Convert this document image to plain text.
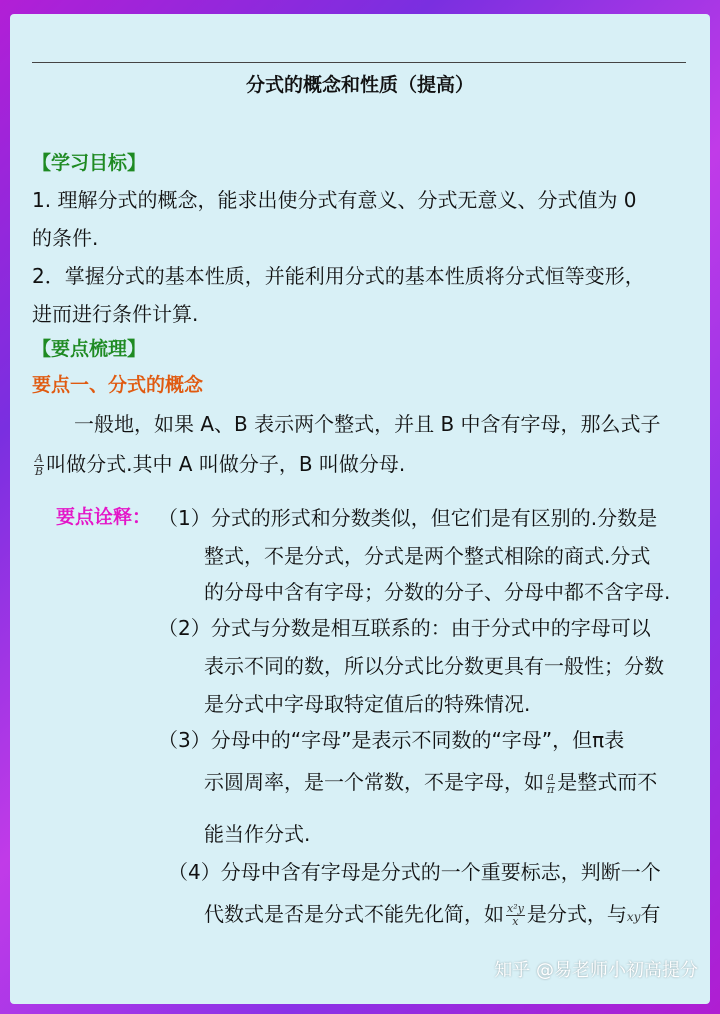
分式的概念和性质（提高）
【学习目标】
1. 理解分式的概念，能求出使分式有意义、分式无意义、分式值为 0
的条件.
2．掌握分式的基本性质，并能利用分式的基本性质将分式恒等变形，
进而进行条件计算.
【要点梳理】
要点一、分式的概念
一般地，如果 A、B 表示两个整式，并且 B 中含有字母，那么式子
$\frac{A}{B}$ 叫做分式.其中 A 叫做分子，B 叫做分母.
要点诠释： （1）分式的形式和分数类似，但它们是有区别的.分数是
整式，不是分式，分式是两个整式相除的商式.分式
的分母中含有字母；分数的分子、分母中都不含字母.
（2）分式与分数是相互联系的：由于分式中的字母可以
表示不同的数，所以分式比分数更具有一般性；分数
是分式中字母取特定值后的特殊情况.
（3）分母中的“字母”是表示不同数的“字母”，但π表
示圆周率，是一个常数，不是字母，如 $\frac{a}{\pi}$ 是整式而不
能当作分式.
（4）分母中含有字母是分式的一个重要标志，判断一个
代数式是否是分式不能先化简，如 $\frac{\text{x²y}}{x}$ 是分式，与xy有
知乎 @易老师小初高提分
